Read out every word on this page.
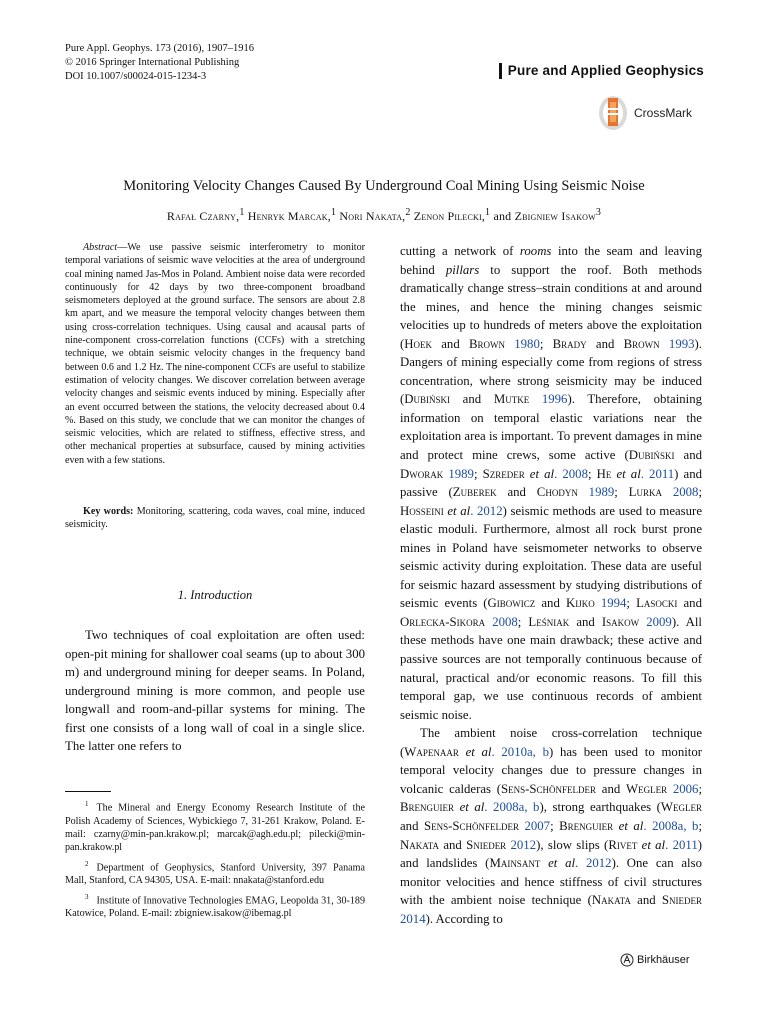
Pure Appl. Geophys. 173 (2016), 1907–1916
© 2016 Springer International Publishing
DOI 10.1007/s00024-015-1234-3	Pure and Applied Geophysics
CrossMark
Monitoring Velocity Changes Caused By Underground Coal Mining Using Seismic Noise
Rafał Czarny,$^1$ Henryk Marcak,$^1$ Nori Nakata,$^2$ Zenon Pilecki,$^1$ and Zbigniew Isakow$^3$
Abstract—We use passive seismic interferometry to monitor temporal variations of seismic wave velocities at the area of underground coal mining named Jas-Mos in Poland. Ambient noise data were recorded continuously for 42 days by two three-component broadband seismometers deployed at the ground surface. The sensors are about 2.8 km apart, and we measure the temporal velocity changes between them using cross-correlation techniques. Using causal and acausal parts of nine-component cross-correlation functions (CCFs) with a stretching technique, we obtain seismic velocity changes in the frequency band between 0.6 and 1.2 Hz. The nine-component CCFs are useful to stabilize estimation of velocity changes. We discover correlation between average velocity changes and seismic events induced by mining. Especially after an event occurred between the stations, the velocity decreased about 0.4 %. Based on this study, we conclude that we can monitor the changes of seismic velocities, which are related to stiffness, effective stress, and other mechanical properties at subsurface, caused by mining activities even with a few stations.
Key words: Monitoring, scattering, coda waves, coal mine, induced seismicity.
1. Introduction
Two techniques of coal exploitation are often used: open-pit mining for shallower coal seams (up to about 300 m) and underground mining for deeper seams. In Poland, underground mining is more common, and people use longwall and room-and-pillar systems for mining. The first one consists of a long wall of coal in a single slice. The latter one refers to

$^1$ The Mineral and Energy Economy Research Institute of the Polish Academy of Sciences, Wybickiego 7, 31-261 Krakow, Poland. E-mail: czarny@min-pan.krakow.pl; marcak@agh.edu.pl; pilecki@min-pan.krakow.pl

$^2$ Department of Geophysics, Stanford University, 397 Panama Mall, Stanford, CA 94305, USA. E-mail: nnakata@stanford.edu

$^3$ Institute of Innovative Technologies EMAG, Leopolda 31, 30-189 Katowice, Poland. E-mail: zbigniew.isakow@ibemag.pl

cutting a network of rooms into the seam and leaving behind pillars to support the roof. Both methods dramatically change stress–strain conditions at and around the mines, and hence the mining changes seismic velocities up to hundreds of meters above the exploitation (Hoek and Brown 1980; Brady and Brown 1993). Dangers of mining especially come from regions of stress concentration, where strong seismicity may be induced (Dubiński and Mutke 1996). Therefore, obtaining information on temporal elastic variations near the exploitation area is important. To prevent damages in mine and protect mine crews, some active (Dubiński and Dworak 1989; Szreder et al. 2008; He et al. 2011) and passive (Zuberek and Chodyn 1989; Lurka 2008; Hosseini et al. 2012) seismic methods are used to measure elastic moduli. Furthermore, almost all rock burst prone mines in Poland have seismometer networks to observe seismic activity during exploitation. These data are useful for seismic hazard assessment by studying distributions of seismic events (Gibowicz and Kijko 1994; Lasocki and Orlecka-Sikora 2008; Leśniak and Isakow 2009). All these methods have one main drawback; these active and passive sources are not temporally continuous because of natural, practical and/or economic reasons. To fill this temporal gap, we use continuous records of ambient seismic noise.

The ambient noise cross-correlation technique (Wapenaar et al. 2010a, b) has been used to monitor temporal velocity changes due to pressure changes in volcanic calderas (Sens-Schönfelder and Wegler 2006; Brenguier et al. 2008a, b), strong earthquakes (Wegler and Sens-Schönfelder 2007; Brenguier et al. 2008a, b; Nakata and Snieder 2012), slow slips (Rivet et al. 2011) and landslides (Mainsant et al. 2012). One can also monitor velocities and hence stiffness of civil structures with the ambient noise technique (Nakata and Snieder 2014). According to

Birkhäuser
